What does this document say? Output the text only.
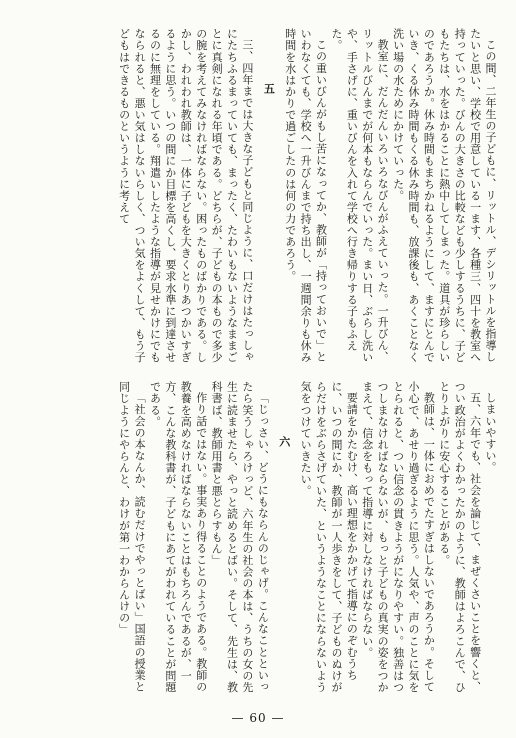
この間、二年生の子どもに、リットル、デシリットルを指導したいと思い、学校で用意している一ます、各種三、四十を教室へ持っていった。びんの大きさの比較なども少しするうちに、子どもたちは、水をはかることに熱中してしまった。道具が珍らしいのであろうか。休み時間もまちかねるようにして、ますにとんでいき、くる休み時間もくる休み時間も、放課後も、あくことなく洗い場の水ためにかけていった。

教室に、だんだんいろいろなびんがふえていった。一升びん、リットルびんまでが何本もならんでいった。まい日、ぶらし洗いや、手さげに、重いびんを入れて学校へ行き帰りする子もふえた。

この重いびんがもし苦になってか、教師が「持っておいで」といわなくても、学校へ一升びんまで持ち出し、一週間余りも休み時間を水はかりで過ごしたのは何の力であろう。

五

三、四年までは大きな子どもと同じように、口だけはたっしゃにたちふるまっていても、まったく、たわいもないようなままごとに真剣になれる年頃である。どちらが、子どもの本もので多少の腕を考えてみなければならない。困ったものばかりである。しかし、われわれ教師は、一体に子どもを大きくとりあつかいすぎるように思う。いつの間にか目標を高くし、要求水準に到達させるのに無理をしている。翔遣いしたような指導が見せかけにでもなられると、悪い気はしないらしく、つい気をよくして、もう子どもはできるものというように考えて

しまいやすい。

五、六年でも、社会を論じて、まぜくさいことを響くと、つい政治がよくわかったかのように、教師はよろこんで、ひとりよがりに安心することがある。

教師は、一体におめでたすぎはしないであろうか。そして小心で、あせり過ぎるように思う。人気や、声のことに気をとられると、つい信念の貫きようがになりやすい。独善はつつしまなければならないが、もっと子どもの真実の姿をつかまえて、信念をもって指導に対しなければならない。

要請をかたむけ、高い理想をかかげて指導にのぞむうちに、いつの間にか、教師が一人歩きをして、子どものぬけがらだけをぶらさげていた、というようなことにならないよう気をつけていきたい。

六

「じっさい、どうにもならんのじゃげ。こんなことといったら笑うしゃろけっど、六年生の社会の本は、うちの女の先生に読ませたら、やっと読めるとばい。そして、先生は、教科書ば、教師用書と悪とらすもん」

作り話ではない。事実あり得ることのようである。教師の教養を高めなければならないことはもちろんであるが、一方、こんな教科書が、子どもにあてがわれていることが問題である。

「社会の本なんか、読むだけでやっとばい」国語の授業と同じようにやらんと、わけが第一わからんけの」

— 60 —
